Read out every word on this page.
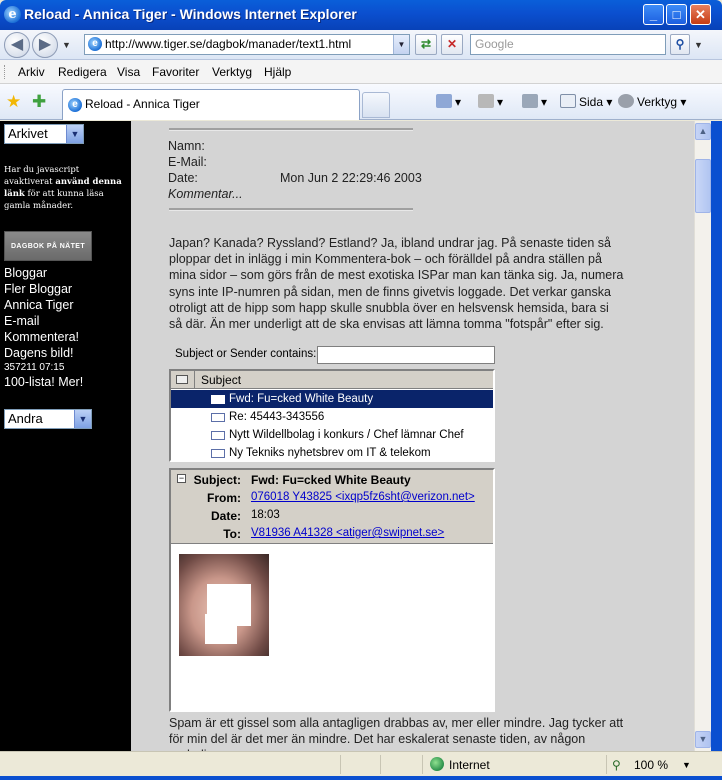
e Reload - Annica Tiger - Windows Internet Explorer	_	□	✕
◀ ▶	▼	e http://www.tiger.se/dagbok/manader/text1.html	▼	⇄	✕	Google	⚲	▼
Arkiv Redigera Visa Favoriter Verktyg Hjälp
★ ✚	e Reload - Annica Tiger	▾	▾	▾	Sida ▾	Verktyg ▾
Arkivet	▼
Har du javascript avaktiverat använd denna länk för att kunna läsa gamla månader.
DAGBOK PÅ NÄTET
Bloggar
Fler Bloggar
Annica Tiger
E-mail
Kommentera!
Dagens bild!
357211 07:15
100-lista! Mer!
Andra	▼
Namn:
E-Mail:
Date:	Mon Jun 2 22:29:46 2003
Kommentar...
Japan? Kanada? Ryssland? Estland? Ja, ibland undrar jag. På senaste tiden så ploppar det in inlägg i min Kommentera-bok – och förälldel på andra ställen på mina sidor – som görs från de mest exotiska ISPar man kan tänka sig. Ja, numera syns inte IP-numren på sidan, men de finns givetvis loggade. Det verkar ganska otroligt att de hipp som happ skulle snubbla över en helsvensk hemsida, bara si så där. Än mer underligt att de ska envisas att lämna tomma "fotspår" efter sig.
Subject or Sender contains:
Subject
Fwd: Fu=cked White Beauty
Re: 45443-343556
Nytt Wildellbolag i konkurs / Chef lämnar Chef
Ny Tekniks nyhetsbrev om IT & telekom
− Subject: Fwd: Fu=cked White Beauty
From: 076018 Y43825 <ixqp5fz6sht@verizon.net>
Date: 18:03
To: V81936 A41328 <atiger@swipnet.se>
Spam är ett gissel som alla antagligen drabbas av, mer eller mindre. Jag tycker att för min del är det mer än mindre. Det har eskalerat senaste tiden, av någon
▲
▼
Internet	⚲ 100 % ▼
